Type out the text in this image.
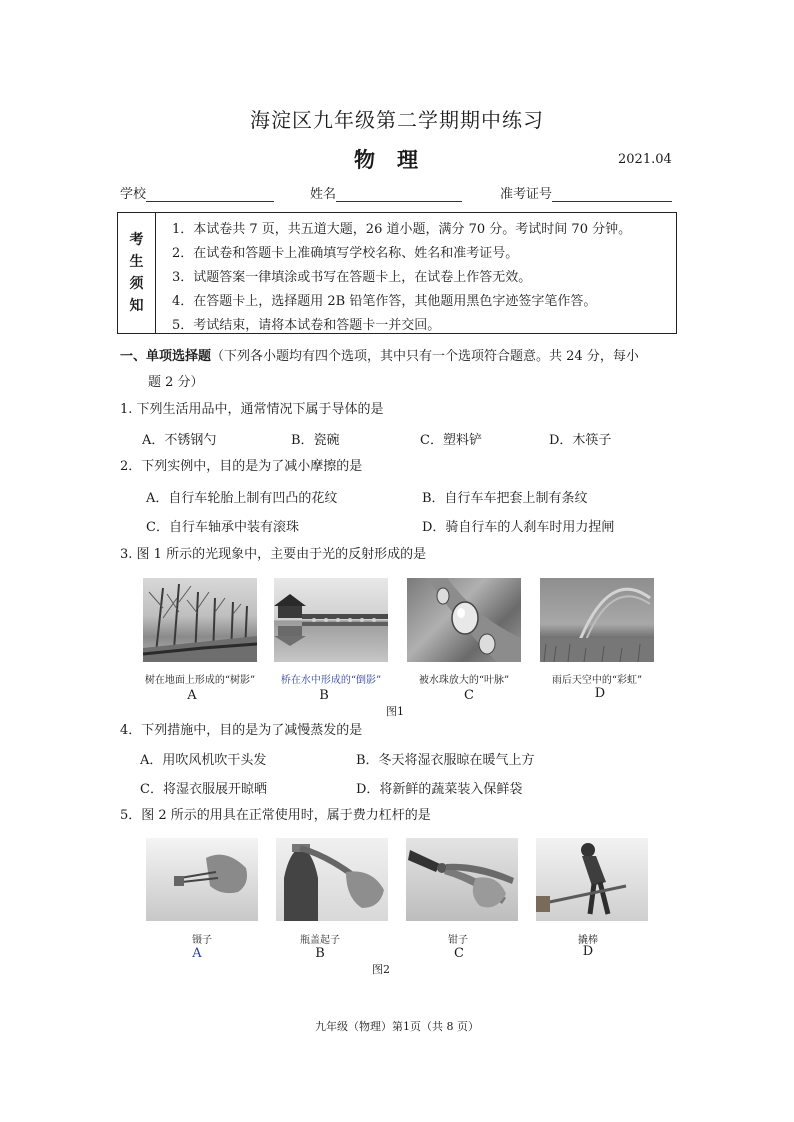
海淀区九年级第二学期期中练习
物理	2021.04
学校	姓名	准考证号
考
生
须
知
1．本试卷共 7 页，共五道大题，26 道小题，满分 70 分。考试时间 70 分钟。
2．在试卷和答题卡上准确填写学校名称、姓名和准考证号。
3．试题答案一律填涂或书写在答题卡上，在试卷上作答无效。
4．在答题卡上，选择题用 2B 铅笔作答，其他题用黑色字迹签字笔作答。
5．考试结束，请将本试卷和答题卡一并交回。
一、单项选择题（下列各小题均有四个选项，其中只有一个选项符合题意。共 24 分，每小
题 2 分）
1. 下列生活用品中，通常情况下属于导体的是
A．不锈钢勺	B．瓷碗	C．塑料铲	D．木筷子
2．下列实例中，目的是为了减小摩擦的是
A．自行车轮胎上制有凹凸的花纹	B．自行车车把套上制有条纹
C．自行车轴承中装有滚珠	D．骑自行车的人刹车时用力捏闸
3. 图 1 所示的光现象中，主要由于光的反射形成的是
树在地面上形成的“树影”	桥在水中形成的“倒影”	被水珠放大的“叶脉”	雨后天空中的“彩虹”
A	B	C	D
图1
4．下列措施中，目的是为了减慢蒸发的是
A．用吹风机吹干头发	B．冬天将湿衣服晾在暖气上方
C．将湿衣服展开晾晒	D．将新鲜的蔬菜装入保鲜袋
5．图 2 所示的用具在正常使用时，属于费力杠杆的是
镊子	瓶盖起子	钳子	撬棒
A	B	C	D
图2
九年级（物理）第1页（共 8 页）
